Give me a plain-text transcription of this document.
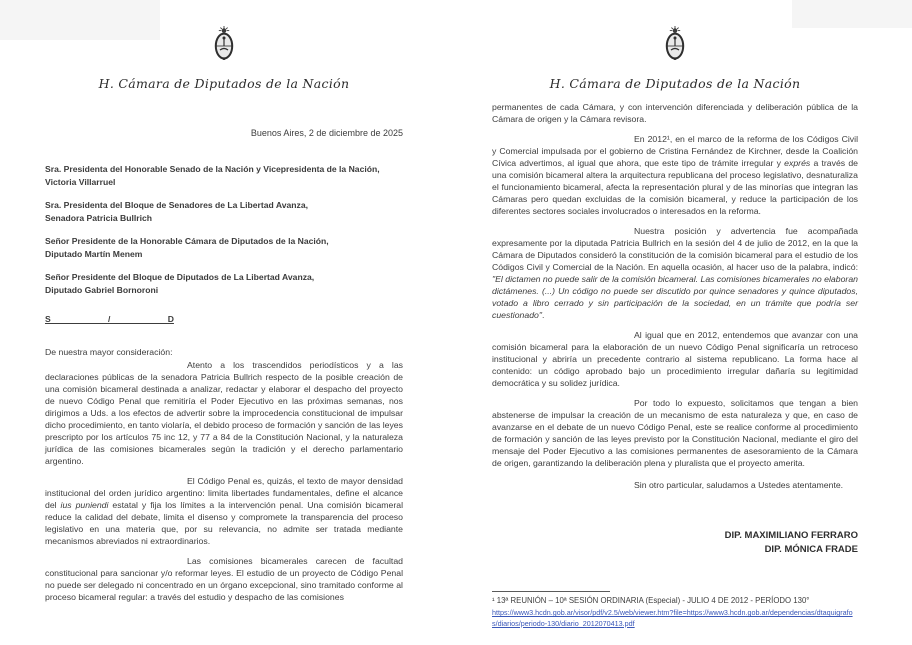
H. Cámara de Diputados de la Nación
Buenos Aires, 2 de diciembre de 2025
Sra. Presidenta del Honorable Senado de la Nación y Vicepresidenta de la Nación,
Victoria Villarruel
Sra. Presidenta del Bloque de Senadores de La Libertad Avanza,
Senadora Patricia Bullrich
Señor Presidente de la Honorable Cámara de Diputados de la Nación,
Diputado Martín Menem
Señor Presidente del Bloque de Diputados de La Libertad Avanza,
Diputado Gabriel Bornoroni
S                        /                        D

De nuestra mayor consideración:

Atento a los trascendidos periodísticos y a las declaraciones públicas de la senadora Patricia Bullrich respecto de la posible creación de una comisión bicameral destinada a analizar, redactar y elaborar el despacho del proyecto de nuevo Código Penal que remitiría el Poder Ejecutivo en las próximas semanas, nos dirigimos a Uds. a los efectos de advertir sobre la improcedencia constitucional de impulsar dicho procedimiento, en tanto violaría, el debido proceso de formación y sanción de las leyes prescripto por los artículos 75 inc 12, y 77 a 84 de la Constitución Nacional, y la naturaleza jurídica de las comisiones bicamerales según la tradición y el derecho parlamentario argentino.

El Código Penal es, quizás, el texto de mayor densidad institucional del orden jurídico argentino: limita libertades fundamentales, define el alcance del ius puniendi estatal y fija los límites a la intervención penal. Una comisión bicameral reduce la calidad del debate, limita el disenso y compromete la transparencia del proceso legislativo en una materia que, por su relevancia, no admite ser tratada mediante mecanismos abreviados ni extraordinarios.

Las comisiones bicamerales carecen de facultad constitucional para sancionar y/o reformar leyes. El estudio de un proyecto de Código Penal no puede ser delegado ni concentrado en un órgano excepcional, sino tramitado conforme al proceso bicameral regular: a través del estudio y despacho de las comisiones

H. Cámara de Diputados de la Nación

permanentes de cada Cámara, y con intervención diferenciada y deliberación pública de la Cámara de origen y la Cámara revisora.

En 2012¹, en el marco de la reforma de los Códigos Civil y Comercial impulsada por el gobierno de Cristina Fernández de Kirchner, desde la Coalición Cívica advertimos, al igual que ahora, que este tipo de trámite irregular y exprés a través de una comisión bicameral altera la arquitectura republicana del proceso legislativo, desnaturaliza el funcionamiento bicameral, afecta la representación plural y de las minorías que integran las Cámaras pero quedan excluidas de la comisión bicameral, y reduce la participación de los diferentes sectores sociales involucrados o interesados en la reforma.

Nuestra posición y advertencia fue acompañada expresamente por la diputada Patricia Bullrich en la sesión del 4 de julio de 2012, en la que la Cámara de Diputados consideró la constitución de la comisión bicameral para el estudio de los Códigos Civil y Comercial de la Nación. En aquella ocasión, al hacer uso de la palabra, indicó: "El dictamen no puede salir de la comisión bicameral. Las comisiones bicamerales no elaboran dictámenes. (...) Un código no puede ser discutido por quince senadores y quince diputados, votado a libro cerrado y sin participación de la sociedad, en un trámite que podría ser cuestionado".

Al igual que en 2012, entendemos que avanzar con una comisión bicameral para la elaboración de un nuevo Código Penal significaría un retroceso institucional y abriría un precedente contrario al sistema republicano. La forma hace al contenido: un código aprobado bajo un procedimiento irregular dañaría su legitimidad democrática y su solidez jurídica.

Por todo lo expuesto, solicitamos que tengan a bien abstenerse de impulsar la creación de un mecanismo de esta naturaleza y que, en caso de avanzarse en el debate de un nuevo Código Penal, este se realice conforme al procedimiento de formación y sanción de las leyes previsto por la Constitución Nacional, mediante el giro del mensaje del Poder Ejecutivo a las comisiones permanentes de asesoramiento de la Cámara de origen, garantizando la deliberación plena y pluralista que el proyecto amerita.

Sin otro particular, saludamos a Ustedes atentamente.

DIP. MAXIMILIANO FERRARO
DIP. MÓNICA FRADE
¹ 13ª REUNIÓN – 10ª SESIÓN ORDINARIA (Especial) - JULIO 4 DE 2012 - PERÍODO 130°
https://www3.hcdn.gob.ar/visor/pdf/v2.5/web/viewer.htm?file=https://www3.hcdn.gob.ar/dependencias/dtaquigrafos/diarios/periodo-130/diario_2012070413.pdf
